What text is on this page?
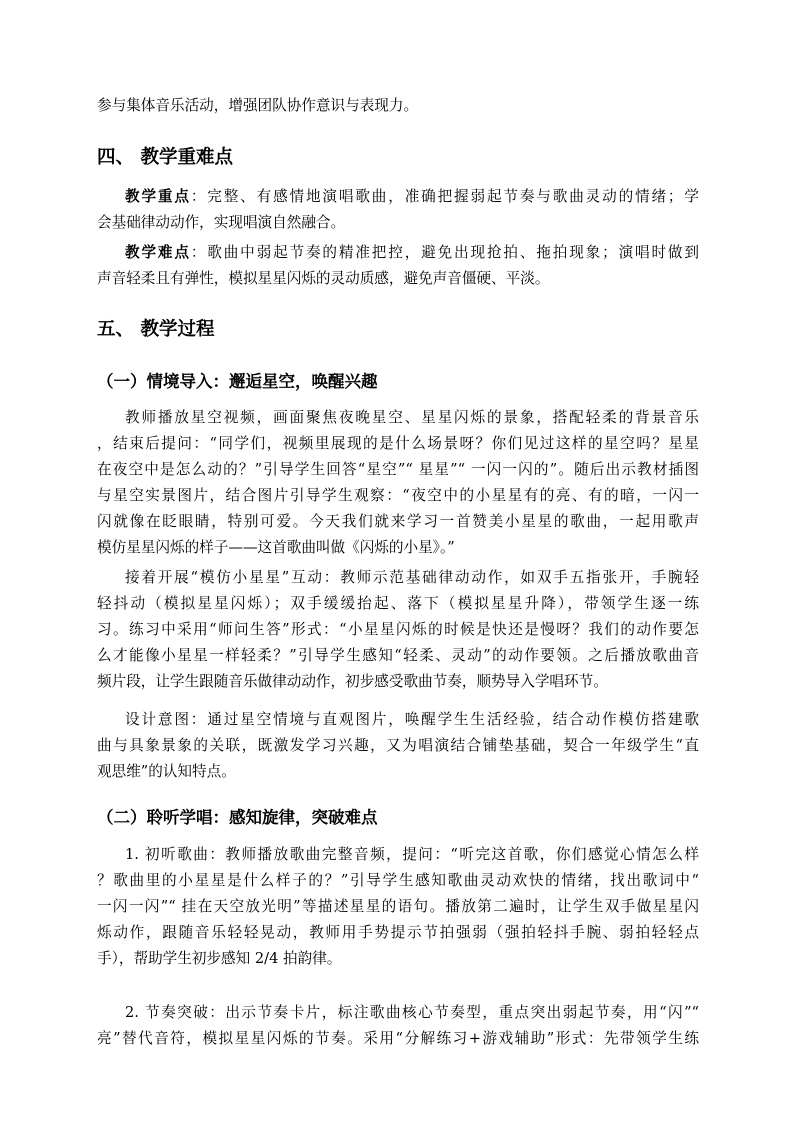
参与集体音乐活动，增强团队协作意识与表现力。
四、 教学重难点
教学重点：完整、有感情地演唱歌曲，准确把握弱起节奏与歌曲灵动的情绪；学
会基础律动动作，实现唱演自然融合。
教学难点：歌曲中弱起节奏的精准把控，避免出现抢拍、拖拍现象；演唱时做到
声音轻柔且有弹性，模拟星星闪烁的灵动质感，避免声音僵硬、平淡。
五、 教学过程
（一）情境导入：邂逅星空，唤醒兴趣
教师播放星空视频，画面聚焦夜晚星空、星星闪烁的景象，搭配轻柔的背景音乐
，结束后提问：“同学们，视频里展现的是什么场景呀？你们见过这样的星空吗？星星
在夜空中是怎么动的？”引导学生回答“星空”“ 星星”“ 一闪一闪的”。随后出示教材插图
与星空实景图片，结合图片引导学生观察：“夜空中的小星星有的亮、有的暗，一闪一
闪就像在眨眼睛，特别可爱。今天我们就来学习一首赞美小星星的歌曲，一起用歌声
模仿星星闪烁的样子——这首歌曲叫做《闪烁的小星》。”
接着开展“模仿小星星”互动：教师示范基础律动动作，如双手五指张开，手腕轻
轻抖动（模拟星星闪烁）；双手缓缓抬起、落下（模拟星星升降），带领学生逐一练
习。练习中采用“师问生答”形式：“小星星闪烁的时候是快还是慢呀？我们的动作要怎
么才能像小星星一样轻柔？”引导学生感知“轻柔、灵动”的动作要领。之后播放歌曲音
频片段，让学生跟随音乐做律动动作，初步感受歌曲节奏，顺势导入学唱环节。
设计意图：通过星空情境与直观图片，唤醒学生生活经验，结合动作模仿搭建歌
曲与具象景象的关联，既激发学习兴趣，又为唱演结合铺垫基础，契合一年级学生“直
观思维”的认知特点。
（二）聆听学唱：感知旋律，突破难点
1. 初听歌曲：教师播放歌曲完整音频，提问：“听完这首歌，你们感觉心情怎么样
？歌曲里的小星星是什么样子的？”引导学生感知歌曲灵动欢快的情绪，找出歌词中“
一闪一闪”“ 挂在天空放光明”等描述星星的语句。播放第二遍时，让学生双手做星星闪
烁动作，跟随音乐轻轻晃动，教师用手势提示节拍强弱（强拍轻抖手腕、弱拍轻轻点
手），帮助学生初步感知 2/4 拍韵律。
2. 节奏突破：出示节奏卡片，标注歌曲核心节奏型，重点突出弱起节奏，用“闪”“
亮”替代音符，模拟星星闪烁的节奏。采用“分解练习+游戏辅助”形式：先带领学生练
